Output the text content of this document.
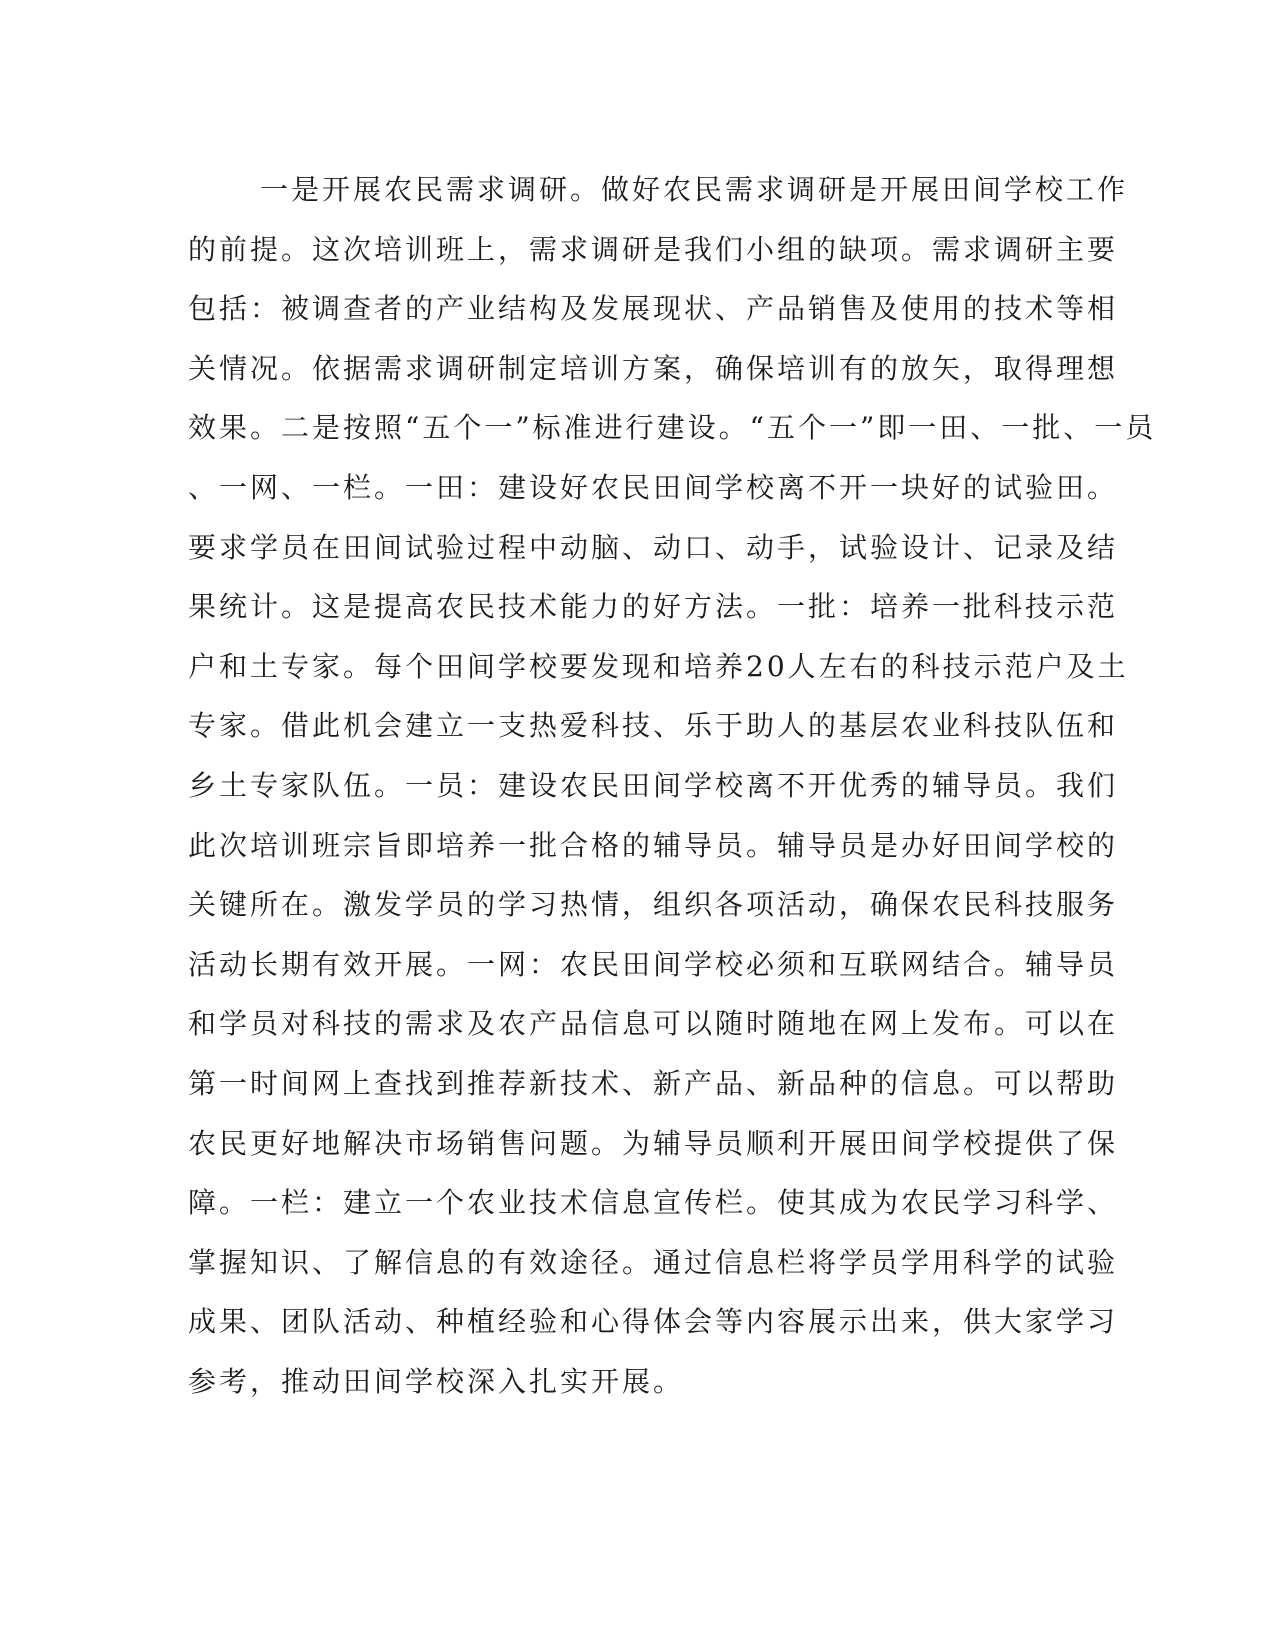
一是开展农民需求调研。做好农民需求调研是开展田间学校工作
的前提。这次培训班上，需求调研是我们小组的缺项。需求调研主要
包括：被调查者的产业结构及发展现状、产品销售及使用的技术等相
关情况。依据需求调研制定培训方案，确保培训有的放矢，取得理想
效果。二是按照“五个一”标准进行建设。“五个一”即一田、一批、一员
、一网、一栏。一田：建设好农民田间学校离不开一块好的试验田。
要求学员在田间试验过程中动脑、动口、动手，试验设计、记录及结
果统计。这是提高农民技术能力的好方法。一批：培养一批科技示范
户和土专家。每个田间学校要发现和培养20人左右的科技示范户及土
专家。借此机会建立一支热爱科技、乐于助人的基层农业科技队伍和
乡土专家队伍。一员：建设农民田间学校离不开优秀的辅导员。我们
此次培训班宗旨即培养一批合格的辅导员。辅导员是办好田间学校的
关键所在。激发学员的学习热情，组织各项活动，确保农民科技服务
活动长期有效开展。一网：农民田间学校必须和互联网结合。辅导员
和学员对科技的需求及农产品信息可以随时随地在网上发布。可以在
第一时间网上查找到推荐新技术、新产品、新品种的信息。可以帮助
农民更好地解决市场销售问题。为辅导员顺利开展田间学校提供了保
障。一栏：建立一个农业技术信息宣传栏。使其成为农民学习科学、
掌握知识、了解信息的有效途径。通过信息栏将学员学用科学的试验
成果、团队活动、种植经验和心得体会等内容展示出来，供大家学习
参考，推动田间学校深入扎实开展。
